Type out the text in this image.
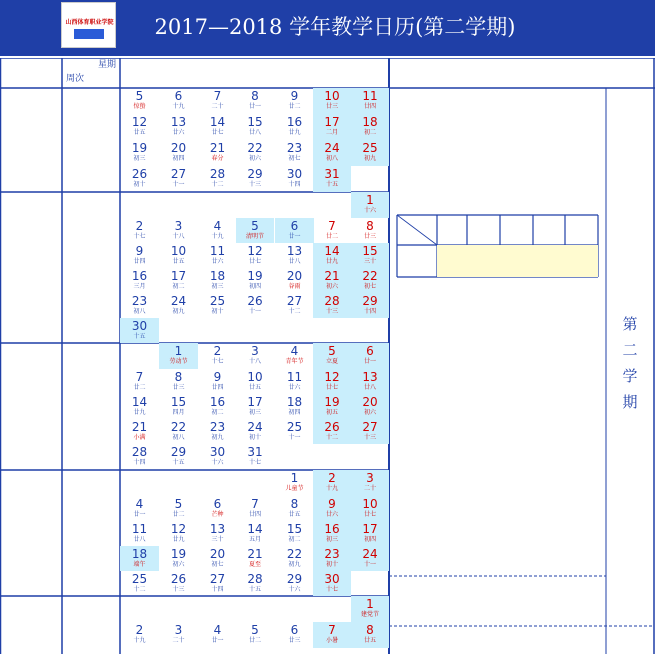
山西体育职业学院	2017—2018 学年教学日历(第二学期)
星期
周次
5
惊蛰
6
十九
7
二十
8
廿一
9
廿二
10
廿三
11
廿四
12
廿五
13
廿六
14
廿七
15
廿八
16
廿九
17
二月
18
初二
19
初三
20
初四
21
春分
22
初六
23
初七
24
初八
25
初九
26
初十
27
十一
28
十二
29
十三
30
十四
31
十五
1
十六
2
十七
3
十八
4
十九
5
清明节
6
廿一
7
廿二
8
廿三
9
廿四
10
廿五
11
廿六
12
廿七
13
廿八
14
廿九
15
三十
16
三月
17
初二
18
初三
19
初四
20
谷雨
21
初六
22
初七
23
初八
24
初九
25
初十
26
十一
27
十二
28
十三
29
十四
30
十五
1
劳动节
2
十七
3
十八
4
青年节
5
立夏
6
廿一
7
廿二
8
廿三
9
廿四
10
廿五
11
廿六
12
廿七
13
廿八
14
廿九
15
四月
16
初二
17
初三
18
初四
19
初五
20
初六
21
小满
22
初八
23
初九
24
初十
25
十一
26
十二
27
十三
28
十四
29
十五
30
十六
31
十七
1
儿童节
2
十九
3
二十
4
廿一
5
廿二
6
芒种
7
廿四
8
廿五
9
廿六
10
廿七
11
廿八
12
廿九
13
三十
14
五月
15
初二
16
初三
17
初四
18
端午
19
初六
20
初七
21
夏至
22
初九
23
初十
24
十一
25
十二
26
十三
27
十四
28
十五
29
十六
30
十七
1
建党节
2
十九
3
二十
4
廿一
5
廿二
6
廿三
7
小暑
8
廿五
第
二
学
期
